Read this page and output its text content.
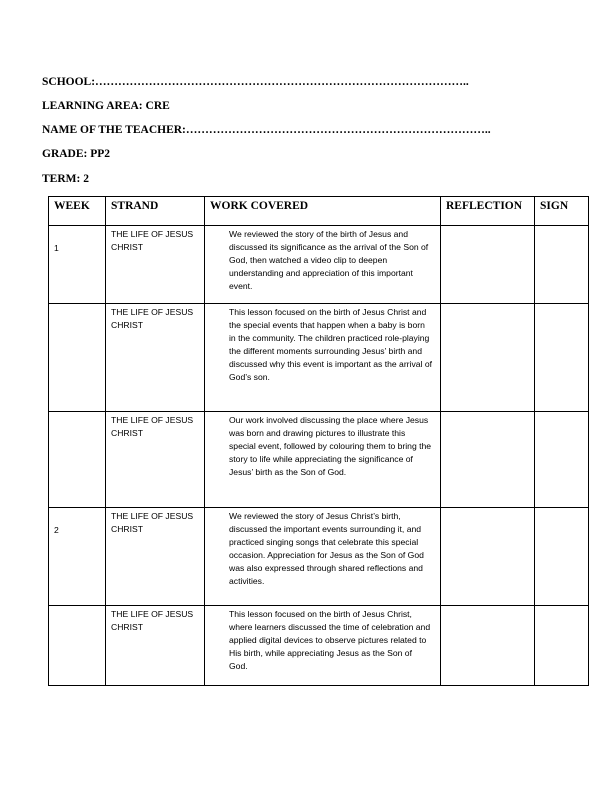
SCHOOL:……………………………………………………………………………………..
LEARNING AREA: CRE
NAME OF THE TEACHER:……………………………………………………………………..
GRADE: PP2
TERM: 2
WEEK	STRAND	WORK COVERED	REFLECTION	SIGN
1	THE LIFE OF JESUS CHRIST	We reviewed the story of the birth of Jesus and discussed its significance as the arrival of the Son of God, then watched a video clip to deepen understanding and appreciation of this important event.		
	THE LIFE OF JESUS CHRIST	This lesson focused on the birth of Jesus Christ and the special events that happen when a baby is born in the community. The children practiced role-playing the different moments surrounding Jesus’ birth and discussed why this event is important as the arrival of God’s son.		
	THE LIFE OF JESUS CHRIST	Our work involved discussing the place where Jesus was born and drawing pictures to illustrate this special event, followed by colouring them to bring the story to life while appreciating the significance of Jesus’ birth as the Son of God.		
2	THE LIFE OF JESUS CHRIST	We reviewed the story of Jesus Christ’s birth, discussed the important events surrounding it, and practiced singing songs that celebrate this special occasion. Appreciation for Jesus as the Son of God was also expressed through shared reflections and activities.		
	THE LIFE OF JESUS CHRIST	This lesson focused on the birth of Jesus Christ, where learners discussed the time of celebration and applied digital devices to observe pictures related to His birth, while appreciating Jesus as the Son of God.		
